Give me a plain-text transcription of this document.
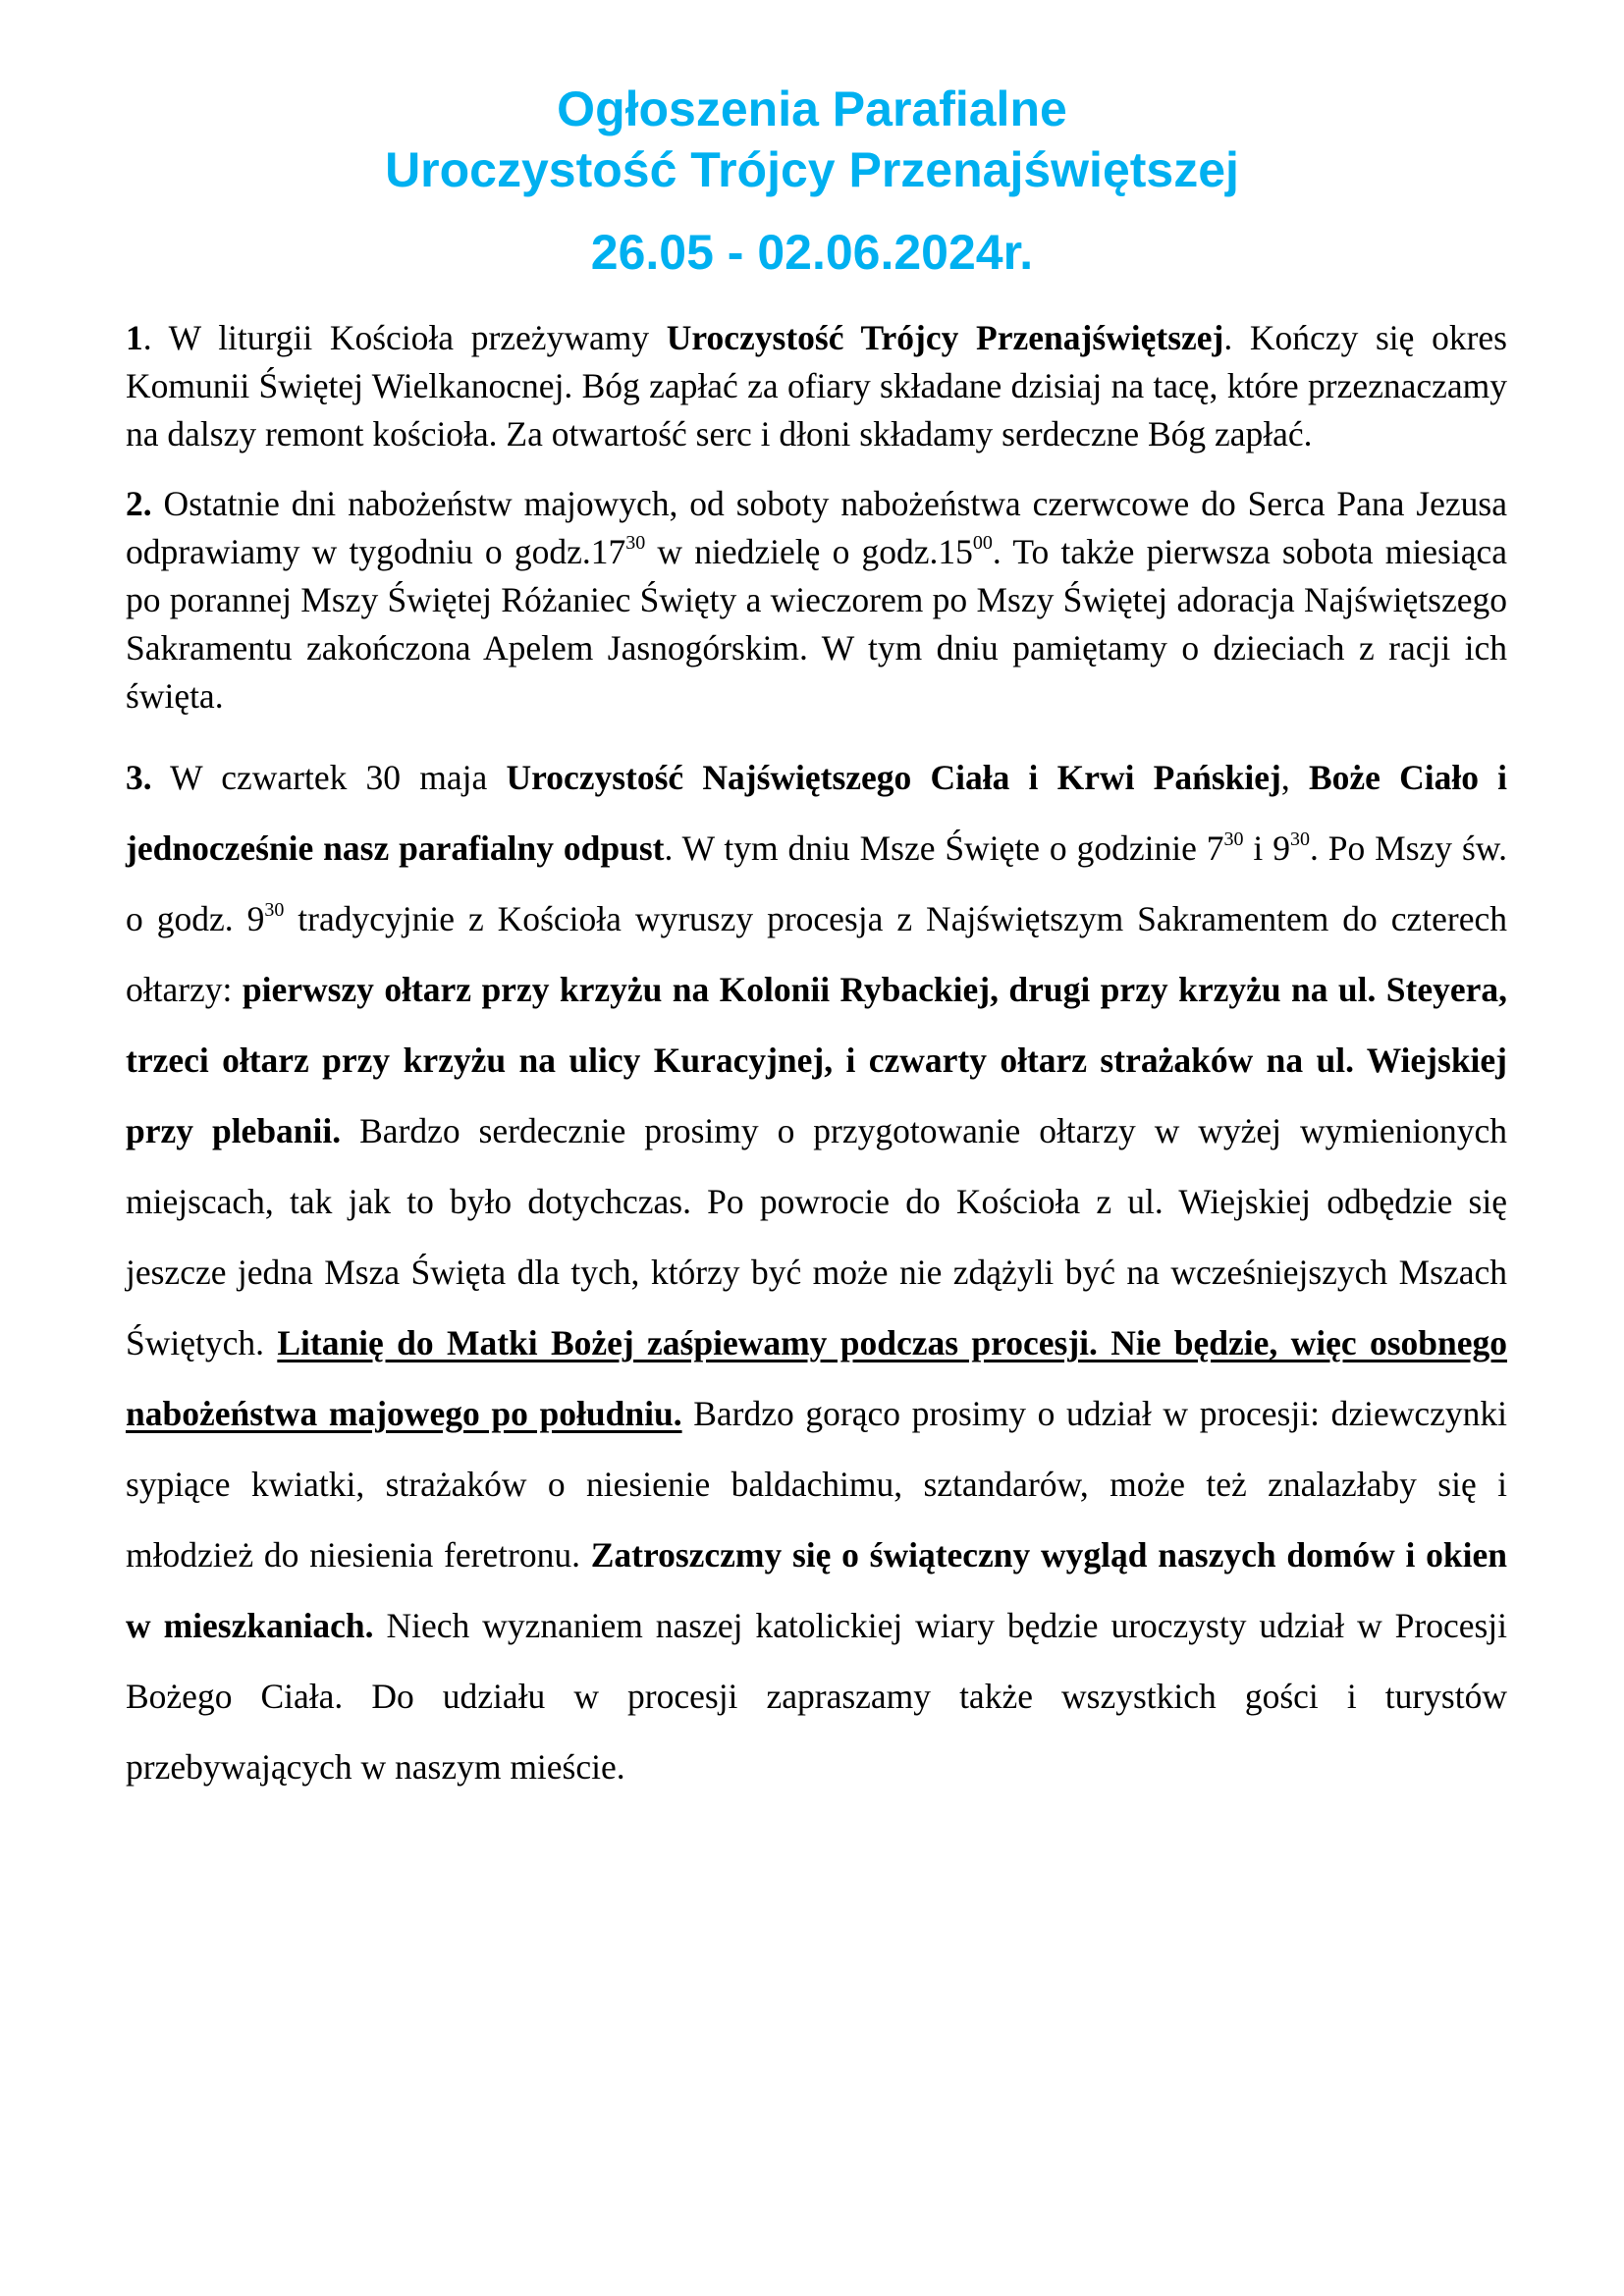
Ogłoszenia Parafialne
Uroczystość Trójcy Przenajświętszej
26.05 - 02.06.2024r.

1. W liturgii Kościoła przeżywamy Uroczystość Trójcy Przenajświętszej. Kończy się okres Komunii Świętej Wielkanocnej. Bóg zapłać za ofiary składane dzisiaj na tacę, które przeznaczamy na dalszy remont kościoła. Za otwartość serc i dłoni składamy serdeczne Bóg zapłać.

2. Ostatnie dni nabożeństw majowych, od soboty nabożeństwa czerwcowe do Serca Pana Jezusa odprawiamy w tygodniu o $godz.17^{30}$ w niedzielę o $godz.15^{00}$. To także pierwsza sobota miesiąca po porannej Mszy Świętej Różaniec Święty a wieczorem po Mszy Świętej adoracja Najświętszego Sakramentu zakończona Apelem Jasnogórskim. W tym dniu pamiętamy o dzieciach z racji ich święta.

3. W czwartek 30 maja Uroczystość Najświętszego Ciała i Krwi Pańskiej, Boże Ciało i jednocześnie nasz parafialny odpust. W tym dniu Msze Święte o godzinie $7^{30}$ i $9^{30}$. Po Mszy św. o godz. $9^{30}$ tradycyjnie z Kościoła wyruszy procesja z Najświętszym Sakramentem do czterech ołtarzy: pierwszy ołtarz przy krzyżu na Kolonii Rybackiej, drugi przy krzyżu na ul. Steyera, trzeci ołtarz przy krzyżu na ulicy Kuracyjnej, i czwarty ołtarz strażaków na ul. Wiejskiej przy plebanii. Bardzo serdecznie prosimy o przygotowanie ołtarzy w wyżej wymienionych miejscach, tak jak to było dotychczas. Po powrocie do Kościoła z ul. Wiejskiej odbędzie się jeszcze jedna Msza Święta dla tych, którzy być może nie zdążyli być na wcześniejszych Mszach Świętych. Litanię do Matki Bożej zaśpiewamy podczas procesji. Nie będzie, więc osobnego nabożeństwa majowego po południu. Bardzo gorąco prosimy o udział w procesji: dziewczynki sypiące kwiatki, strażaków o niesienie baldachimu, sztandarów, może też znalazłaby się i młodzież do niesienia feretronu. Zatroszczmy się o świąteczny wygląd naszych domów i okien w mieszkaniach. Niech wyznaniem naszej katolickiej wiary będzie uroczysty udział w Procesji Bożego Ciała. Do udziału w procesji zapraszamy także wszystkich gości i turystów przebywających w naszym mieście.
